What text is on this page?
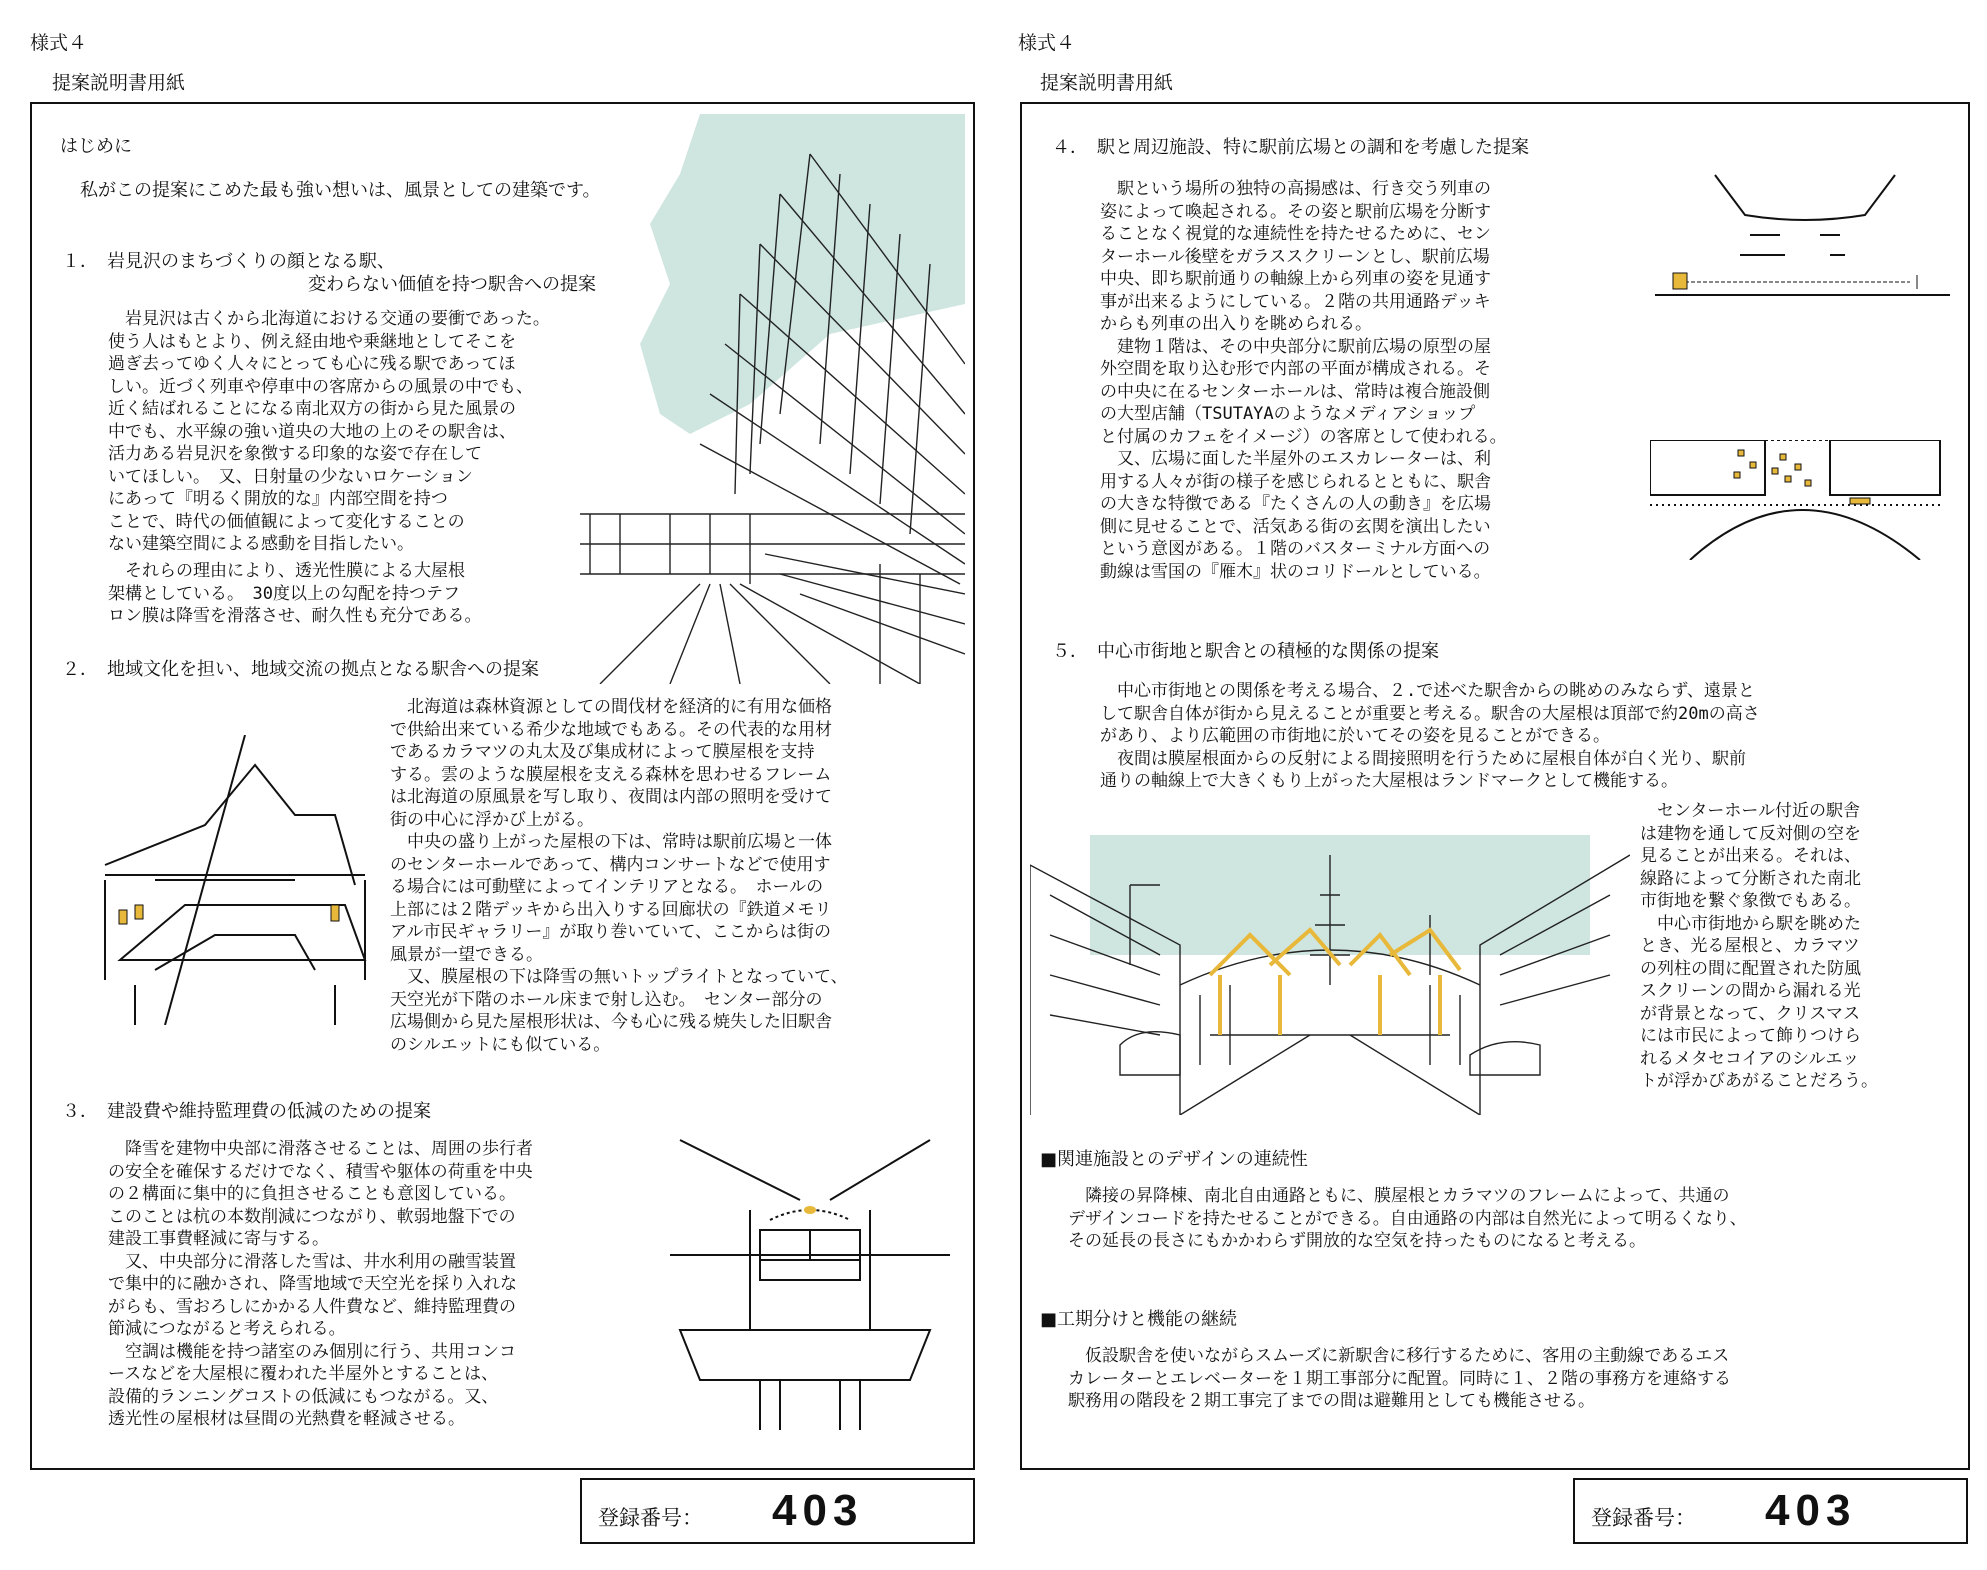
様式４
提案説明書用紙
はじめに
私がこの提案にこめた最も強い想いは、風景としての建築です。
１．　岩見沢のまちづくりの顔となる駅、
変わらない価値を持つ駅舎への提案
　岩見沢は古くから北海道における交通の要衝であった。
使う人はもとより、例え経由地や乗継地としてそこを
過ぎ去ってゆく人々にとっても心に残る駅であってほ
しい。近づく列車や停車中の客席からの風景の中でも、
近く結ばれることになる南北双方の街から見た風景の
中でも、水平線の強い道央の大地の上のその駅舎は、
活力ある岩見沢を象徴する印象的な姿で存在して
いてほしい。　又、日射量の少ないロケーション
にあって『明るく開放的な』内部空間を持つ
ことで、時代の価値観によって変化することの
ない建築空間による感動を目指したい。
　それらの理由により、透光性膜による大屋根
架構としている。　30度以上の勾配を持つテフ
ロン膜は降雪を滑落させ、耐久性も充分である。
２．　地域文化を担い、地域交流の拠点となる駅舎への提案
　北海道は森林資源としての間伐材を経済的に有用な価格
で供給出来ている希少な地域でもある。その代表的な用材
であるカラマツの丸太及び集成材によって膜屋根を支持
する。雲のような膜屋根を支える森林を思わせるフレーム
は北海道の原風景を写し取り、夜間は内部の照明を受けて
街の中心に浮かび上がる。
　中央の盛り上がった屋根の下は、常時は駅前広場と一体
のセンターホールであって、構内コンサートなどで使用す
る場合には可動壁によってインテリアとなる。　ホールの
上部には２階デッキから出入りする回廊状の『鉄道メモリ
アル市民ギャラリー』が取り巻いていて、ここからは街の
風景が一望できる。
　又、膜屋根の下は降雪の無いトップライトとなっていて、
天空光が下階のホール床まで射し込む。　センター部分の
広場側から見た屋根形状は、今も心に残る焼失した旧駅舎
のシルエットにも似ている。
３．　建設費や維持監理費の低減のための提案
　降雪を建物中央部に滑落させることは、周囲の歩行者
の安全を確保するだけでなく、積雪や躯体の荷重を中央
の２構面に集中的に負担させることも意図している。
このことは杭の本数削減につながり、軟弱地盤下での
建設工事費軽減に寄与する。
　又、中央部分に滑落した雪は、井水利用の融雪装置
で集中的に融かされ、降雪地域で天空光を採り入れな
がらも、雪おろしにかかる人件費など、維持監理費の
節減につながると考えられる。
　空調は機能を持つ諸室のみ個別に行う、共用コンコ
ースなどを大屋根に覆われた半屋外とすることは、
設備的ランニングコストの低減にもつながる。又、
透光性の屋根材は昼間の光熱費を軽減させる。
登録番号： 403
様式４
提案説明書用紙
４．　駅と周辺施設、特に駅前広場との調和を考慮した提案
　駅という場所の独特の高揚感は、行き交う列車の
姿によって喚起される。その姿と駅前広場を分断す
ることなく視覚的な連続性を持たせるために、セン
ターホール後壁をガラススクリーンとし、駅前広場
中央、即ち駅前通りの軸線上から列車の姿を見通す
事が出来るようにしている。２階の共用通路デッキ
からも列車の出入りを眺められる。
　建物１階は、その中央部分に駅前広場の原型の屋
外空間を取り込む形で内部の平面が構成される。そ
の中央に在るセンターホールは、常時は複合施設側
の大型店舗（TSUTAYAのようなメディアショップ
と付属のカフェをイメージ）の客席として使われる。
　又、広場に面した半屋外のエスカレーターは、利
用する人々が街の様子を感じられるとともに、駅舎
の大きな特徴である『たくさんの人の動き』を広場
側に見せることで、活気ある街の玄関を演出したい
という意図がある。１階のバスターミナル方面への
動線は雪国の『雁木』状のコリドールとしている。
５．　中心市街地と駅舎との積極的な関係の提案
　中心市街地との関係を考える場合、２.で述べた駅舎からの眺めのみならず、遠景と
して駅舎自体が街から見えることが重要と考える。駅舎の大屋根は頂部で約20mの高さ
があり、より広範囲の市街地に於いてその姿を見ることができる。
　夜間は膜屋根面からの反射による間接照明を行うために屋根自体が白く光り、駅前
通りの軸線上で大きくもり上がった大屋根はランドマークとして機能する。
　センターホール付近の駅舎
は建物を通して反対側の空を
見ることが出来る。それは、
線路によって分断された南北
市街地を繋ぐ象徴でもある。
　中心市街地から駅を眺めた
とき、光る屋根と、カラマツ
の列柱の間に配置された防風
スクリーンの間から漏れる光
が背景となって、クリスマス
には市民によって飾りつけら
れるメタセコイアのシルエッ
トが浮かびあがることだろう。
■関連施設とのデザインの連続性
　隣接の昇降棟、南北自由通路ともに、膜屋根とカラマツのフレームによって、共通の
デザインコードを持たせることができる。自由通路の内部は自然光によって明るくなり、
その延長の長さにもかかわらず開放的な空気を持ったものになると考える。
■工期分けと機能の継続
　仮設駅舎を使いながらスムーズに新駅舎に移行するために、客用の主動線であるエス
カレーターとエレベーターを１期工事部分に配置。同時に１、２階の事務方を連絡する
駅務用の階段を２期工事完了までの間は避難用としても機能させる。
登録番号： 403
